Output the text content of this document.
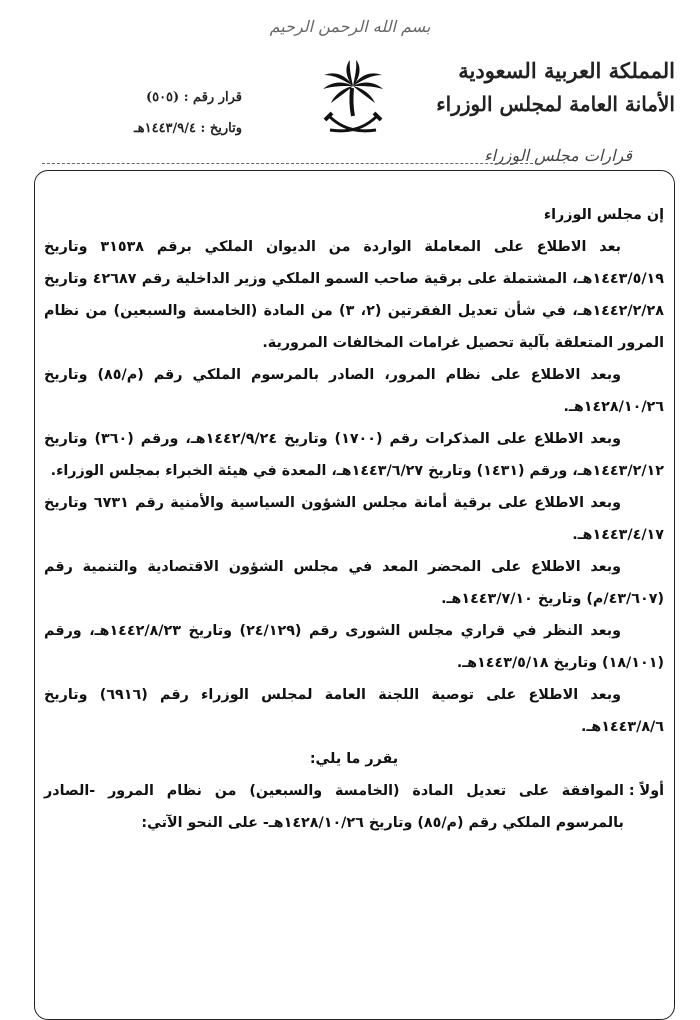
بسم الله الرحمن الرحيم
قرار رقم : (٥٠٥)
وتاريخ : ١٤٤٣/٩/٤هـ
المملكة العربية السعودية
الأمانة العامة لمجلس الوزراء
قرارات مجلس الوزراء

إن مجلس الوزراء

بعد الاطلاع على المعاملة الواردة من الديوان الملكي برقم ٣١٥٣٨ وتاريخ ١٤٤٣/٥/١٩هـ، المشتملة على برقية صاحب السمو الملكي وزير الداخلية رقم ٤٢٦٨٧ وتاريخ ١٤٤٢/٢/٢٨هـ، في شأن تعديل الفقرتين (٢، ٣) من المادة (الخامسة والسبعين) من نظام المرور المتعلقة بآلية تحصيل غرامات المخالفات المرورية.

وبعد الاطلاع على نظام المرور، الصادر بالمرسوم الملكي رقم (م/٨٥) وتاريخ ١٤٢٨/١٠/٢٦هـ.

وبعد الاطلاع على المذكرات رقم (١٧٠٠) وتاريخ ١٤٤٢/٩/٢٤هـ، ورقم (٣٦٠) وتاريخ ١٤٤٣/٢/١٢هـ، ورقم (١٤٣١) وتاريخ ١٤٤٣/٦/٢٧هـ، المعدة في هيئة الخبراء بمجلس الوزراء.

وبعد الاطلاع على برقية أمانة مجلس الشؤون السياسية والأمنية رقم ٦٧٣١ وتاريخ ١٤٤٣/٤/١٧هـ.

وبعد الاطلاع على المحضر المعد في مجلس الشؤون الاقتصادية والتنمية رقم (٤٣/٦٠٧/م) وتاريخ ١٤٤٣/٧/١٠هـ.

وبعد النظر في قراري مجلس الشورى رقم (٢٤/١٢٩) وتاريخ ١٤٤٢/٨/٢٣هـ، ورقم (١٨/١٠١) وتاريخ ١٤٤٣/٥/١٨هـ.

وبعد الاطلاع على توصية اللجنة العامة لمجلس الوزراء رقم (٦٩١٦) وتاريخ ١٤٤٣/٨/٦هـ.

يقرر ما يلي:

أولاً :
الموافقة على تعديل المادة (الخامسة والسبعين) من نظام المرور -الصادر بالمرسوم الملكي رقم (م/٨٥) وتاريخ ١٤٢٨/١٠/٢٦هـ- على النحو الآتي:
